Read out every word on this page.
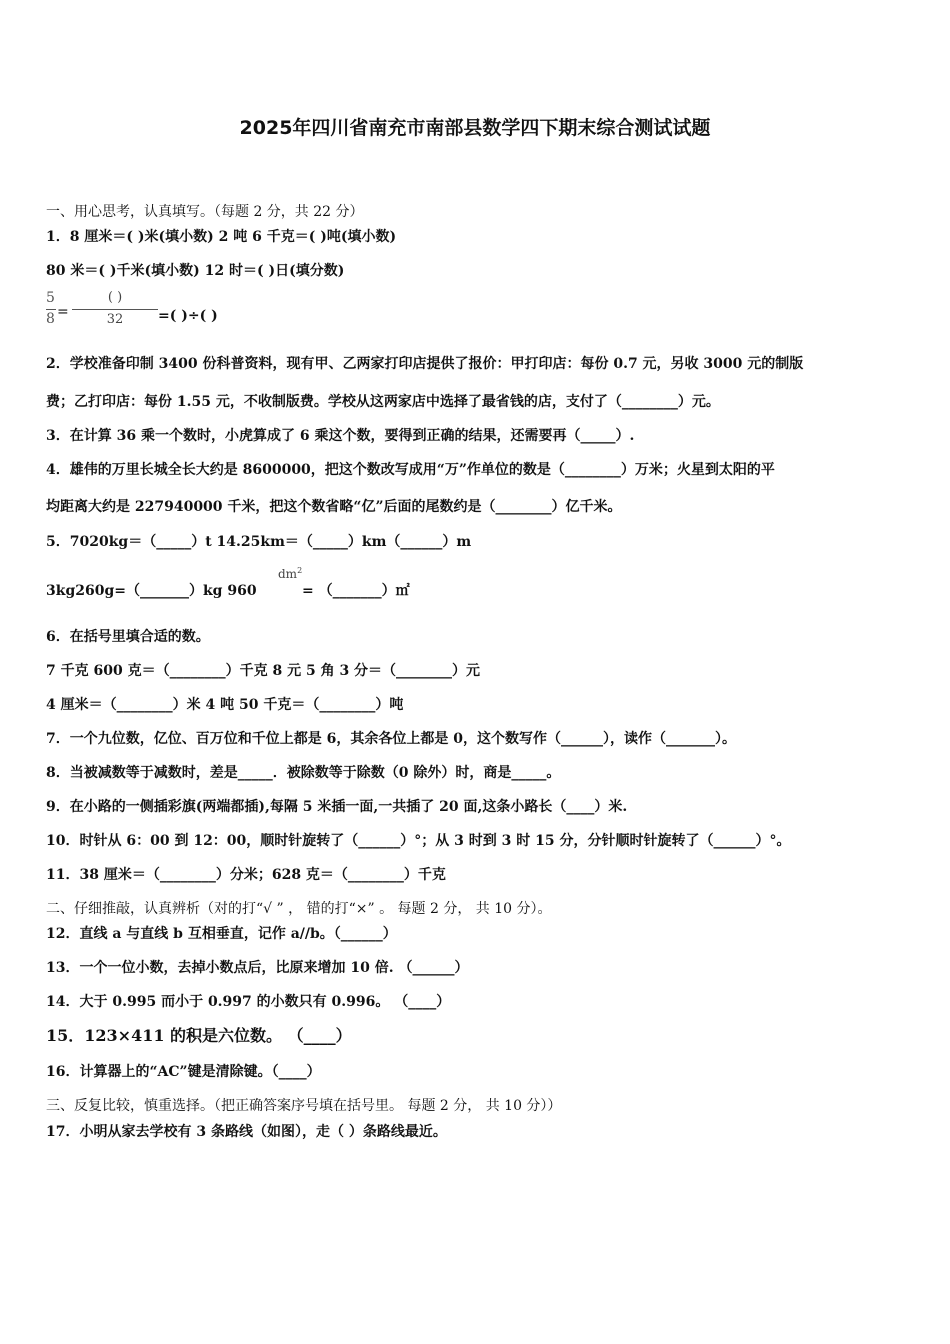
2025年四川省南充市南部县数学四下期末综合测试试题
一、用心思考，认真填写。（每题 2 分，共 22 分）
1．8 厘米＝( )米(填小数) 2 吨 6 千克＝( )吨(填小数)
80 米＝( )千米(填小数) 12 时＝( )日(填分数)
5
8 =
( )
32	=( )÷( )
2．学校准备印制 3400 份科普资料，现有甲、乙两家打印店提供了报价：甲打印店：每份 0.7 元，另收 3000 元的制版
费；乙打印店：每份 1.55 元，不收制版费。学校从这两家店中选择了最省钱的店，支付了（________）元。
3．在计算 36 乘一个数时，小虎算成了 6 乘这个数，要得到正确的结果，还需要再（_____）.
4．雄伟的万里长城全长大约是 8600000，把这个数改写成用“万”作单位的数是（________）万米；火星到太阳的平
均距离大约是 227940000 千米，把这个数省略“亿”后面的尾数约是（________）亿千米。
5．7020kg＝（_____）t 14.25km＝（_____）km（______）m
3kg260g=（_______）kg 960
$dm^2$
= （_______）㎡
6．在括号里填合适的数。
7 千克 600 克＝（________）千克 8 元 5 角 3 分＝（________）元
4 厘米＝（________）米 4 吨 50 千克＝（________）吨
7．一个九位数，亿位、百万位和千位上都是 6，其余各位上都是 0，这个数写作（______），读作（_______）。
8．当被减数等于减数时，差是_____．被除数等于除数（0 除外）时，商是_____。
9．在小路的一侧插彩旗(两端都插),每隔 5 米插一面,一共插了 20 面,这条小路长（____）米.
10．时针从 6：00 到 12：00，顺时针旋转了（______）°；从 3 时到 3 时 15 分，分针顺时针旋转了（______）°。
11．38 厘米＝（________）分米；628 克＝（________）千克
二、仔细推敲，认真辨析（对的打“√ ” ， 错的打“×” 。 每题 2 分， 共 10 分）。
12．直线 a 与直线 b 互相垂直，记作 a//b。（______）
13．一个一位小数，去掉小数点后，比原来增加 10 倍. （______）
14．大于 0.995 而小于 0.997 的小数只有 0.996。 （____）
15．123×411 的积是六位数。 （____）
16．计算器上的“AC”键是清除键。（____）
三、反复比较，慎重选择。（把正确答案序号填在括号里。 每题 2 分， 共 10 分））
17．小明从家去学校有 3 条路线（如图），走（ ）条路线最近。
